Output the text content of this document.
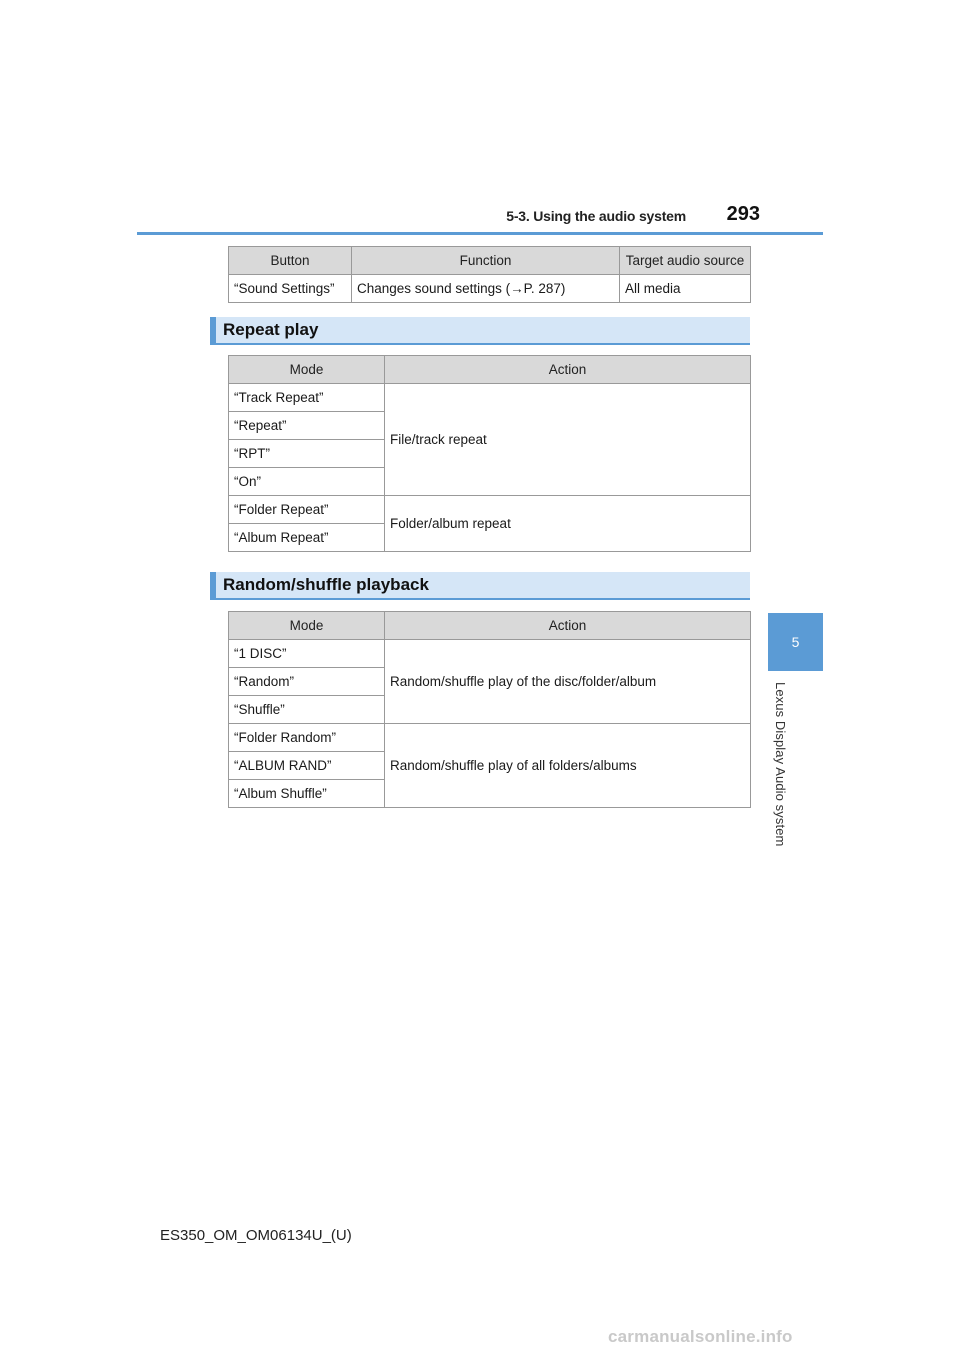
5-3. Using the audio system	293
5
Lexus Display Audio system
Button	Function	Target audio source
“Sound Settings”	Changes sound settings (→P. 287)	All media
Repeat play
Mode	Action
“Track Repeat”	File/track repeat
“Repeat”	
“RPT”	
“On”	
“Folder Repeat”	Folder/album repeat
“Album Repeat”	
Random/shuffle playback
Mode	Action
“1 DISC”	Random/shuffle play of the disc/folder/album
“Random”	
“Shuffle”	
“Folder Random”	Random/shuffle play of all folders/albums
“ALBUM RAND”	
“Album Shuffle”	
ES350_OM_OM06134U_(U)
carmanualsonline.info
